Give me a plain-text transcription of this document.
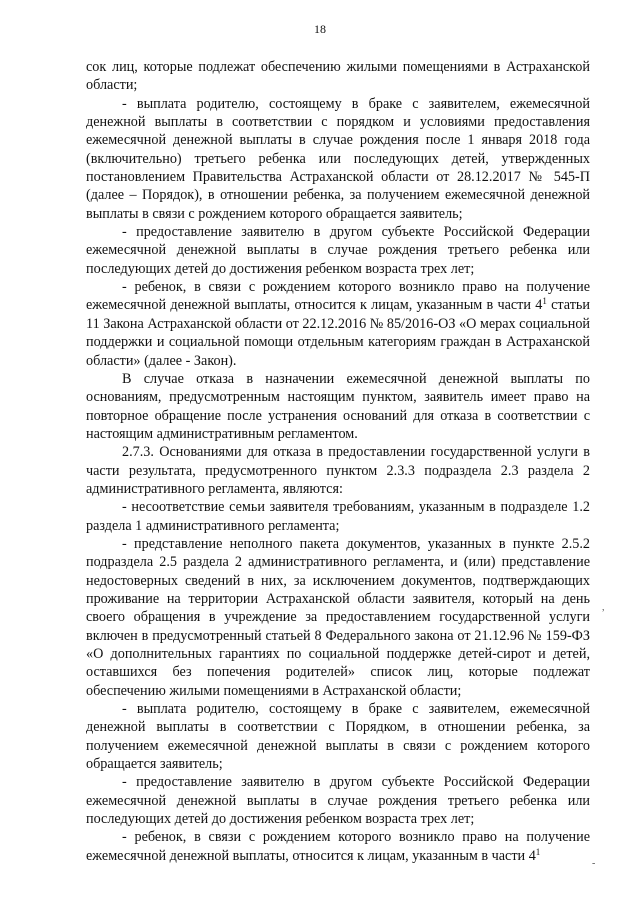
18

сок лиц, которые подлежат обеспечению жилыми помещениями в Астраханской области;

- выплата родителю, состоящему в браке с заявителем, ежемесячной денежной выплаты в соответствии с порядком и условиями предоставления ежемесячной денежной выплаты в случае рождения после 1 января 2018 года (включительно) третьего ребенка или последующих детей, утвержденных постановлением Правительства Астраханской области от 28.12.2017 № 545-П (далее – Порядок), в отношении ребенка, за получением ежемесячной денежной выплаты в связи с рождением которого обращается заявитель;

- предоставление заявителю в другом субъекте Российской Федерации ежемесячной денежной выплаты в случае рождения третьего ребенка или последующих детей до достижения ребенком возраста трех лет;

- ребенок, в связи с рождением которого возникло право на получение ежемесячной денежной выплаты, относится к лицам, указанным в части $4^1$ статьи 11 Закона Астраханской области от 22.12.2016 № 85/2016-ОЗ «О мерах социальной поддержки и социальной помощи отдельным категориям граждан в Астраханской области» (далее - Закон).

В случае отказа в назначении ежемесячной денежной выплаты по основаниям, предусмотренным настоящим пунктом, заявитель имеет право на повторное обращение после устранения оснований для отказа в соответствии с настоящим административным регламентом.

2.7.3. Основаниями для отказа в предоставлении государственной услуги в части результата, предусмотренного пунктом 2.3.3 подраздела 2.3 раздела 2 административного регламента, являются:

- несоответствие семьи заявителя требованиям, указанным в подразделе 1.2 раздела 1 административного регламента;

- представление неполного пакета документов, указанных в пункте 2.5.2 подраздела 2.5 раздела 2 административного регламента, и (или) представление недостоверных сведений в них, за исключением документов, подтверждающих проживание на территории Астраханской области заявителя, который на день своего обращения в учреждение за предоставлением государственной услуги включен в предусмотренный статьей 8 Федерального закона от 21.12.96 № 159-ФЗ «О дополнительных гарантиях по социальной поддержке детей-сирот и детей, оставшихся без попечения родителей» список лиц, которые подлежат обеспечению жилыми помещениями в Астраханской области;

- выплата родителю, состоящему в браке с заявителем, ежемесячной денежной выплаты в соответствии с Порядком, в отношении ребенка, за получением ежемесячной денежной выплаты в связи с рождением которого обращается заявитель;

- предоставление заявителю в другом субъекте Российской Федерации ежемесячной денежной выплаты в случае рождения третьего ребенка или последующих детей до достижения ребенком возраста трех лет;

- ребенок, в связи с рождением которого возникло право на получение ежемесячной денежной выплаты, относится к лицам, указанным в части $4^1$

,
-
